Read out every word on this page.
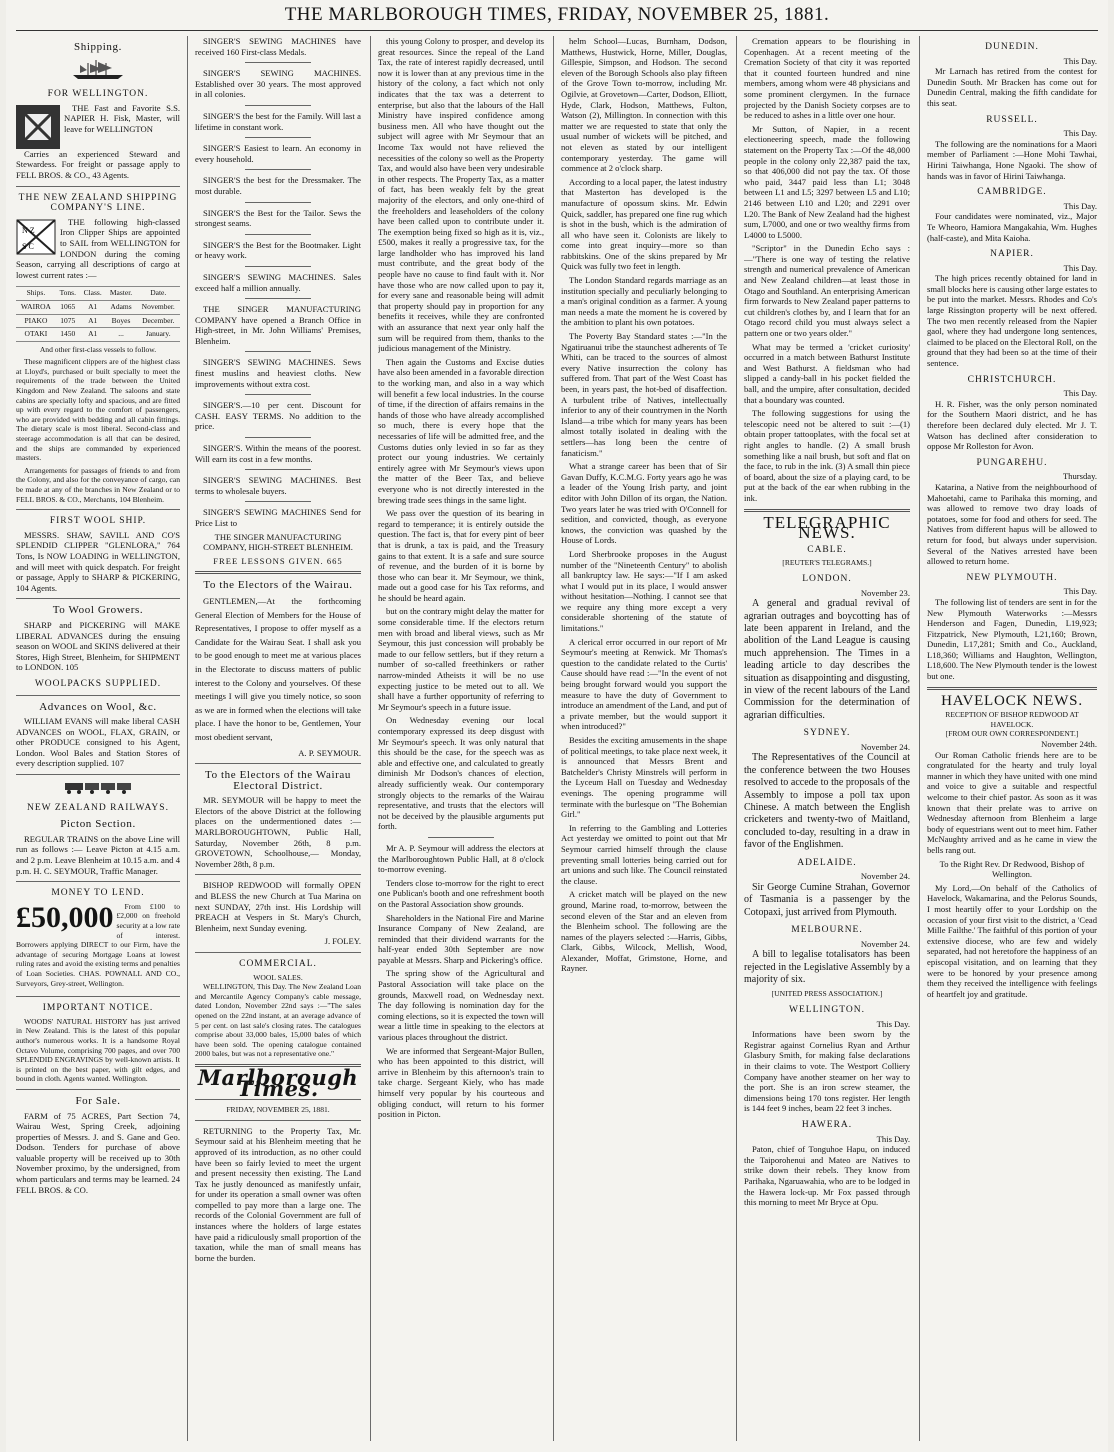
THE MARLBOROUGH TIMES, FRIDAY, NOVEMBER 25, 1881.
Shipping.
FOR WELLINGTON.

THE Fast and Favorite S.S. NAPIER H. Fisk, Master, will leave for WELLINGTON

Carries an experienced Steward and Stewardess. For freight or passage apply to FELL BROS. & CO., 43 Agents.

THE NEW ZEALAND SHIPPING COMPANY'S LINE.
N Z
S C

THE following high-classed Iron Clipper Ships are appointed to SAIL from WELLINGTON for LONDON during the coming Season, carrying all descriptions of cargo at lowest current rates :—

Ships.	Tons.	Class.	Master.	Date.
WAIROA	1065	A1	Adams	November.
PIAKO	1075	A1	Boyes	December.
OTAKI	1450	A1	...	January.

And other first-class vessels to follow.

These magnificent clippers are of the highest class at Lloyd's, purchased or built specially to meet the requirements of the trade between the United Kingdom and New Zealand. The saloons and state cabins are specially lofty and spacious, and are fitted up with every regard to the comfort of passengers, who are provided with bedding and all cabin fittings. The dietary scale is most liberal. Second-class and steerage accommodation is all that can be desired, and the ships are commanded by experienced masters.

Arrangements for passages of friends to and from the Colony, and also for the conveyance of cargo, can be made at any of the branches in New Zealand or to FELL BROS. & CO., Merchants, 104 Blenheim.

FIRST WOOL SHIP.

MESSRS. SHAW, SAVILL AND CO'S SPLENDID CLIPPER "GLENLORA," 764 Tons, Is NOW LOADING in WELLINGTON, and will meet with quick despatch. For freight or passage, Apply to SHARP & PICKERING, 104 Agents.

To Wool Growers.

SHARP and PICKERING will MAKE LIBERAL ADVANCES during the ensuing season on WOOL and SKINS delivered at their Stores, High Street, Blenheim, for SHIPMENT to LONDON. 105

WOOLPACKS SUPPLIED.
Advances on Wool, &c.

WILLIAM EVANS will make liberal CASH ADVANCES on WOOL, FLAX, GRAIN, or other PRODUCE consigned to his Agent, London. Wool Bales and Station Stores of every description supplied. 107

NEW ZEALAND RAILWAYS.
Picton Section.

REGULAR TRAINS on the above Line will run as follows :— Leave Picton at 4.15 a.m. and 2 p.m. Leave Blenheim at 10.15 a.m. and 4 p.m. H. C. SEYMOUR, Traffic Manager.

MONEY TO LEND.
£50,000	From £100 to £2,000 on freehold security at a low rate of interest. Borrowers applying DIRECT to our Firm, have the advantage of securing Mortgage Loans at lowest ruling rates and avoid the existing terms and penalties of Loan Societies. CHAS. POWNALL AND CO., Surveyors, Grey-street, Wellington.

IMPORTANT NOTICE.

WOODS' NATURAL HISTORY has just arrived in New Zealand. This is the latest of this popular author's numerous works. It is a handsome Royal Octavo Volume, comprising 700 pages, and over 700 SPLENDID ENGRAVINGS by well-known artists. It is printed on the best paper, with gilt edges, and bound in cloth. Agents wanted. Wellington.

For Sale.

FARM of 75 ACRES, Part Section 74, Wairau West, Spring Creek, adjoining properties of Messrs. J. and S. Gane and Geo. Dodson. Tenders for purchase of above valuable property will be received up to 30th November proximo, by the undersigned, from whom particulars and terms may be learned. 24 FELL BROS. & CO.

SINGER'S SEWING MACHINES have received 160 First-class Medals.

SINGER'S SEWING MACHINES. Established over 30 years. The most approved in all colonies.

SINGER'S the best for the Family. Will last a lifetime in constant work.

SINGER'S Easiest to learn. An economy in every household.

SINGER'S the best for the Dressmaker. The most durable.

SINGER'S the Best for the Tailor. Sews the strongest seams.

SINGER'S the Best for the Bootmaker. Light or heavy work.

SINGER'S SEWING MACHINES. Sales exceed half a million annually.

THE SINGER MANUFACTURING COMPANY have opened a Branch Office in High-street, in Mr. John Williams' Premises, Blenheim.

SINGER'S SEWING MACHINES. Sews finest muslins and heaviest cloths. New improvements without extra cost.

SINGER'S.—10 per cent. Discount for CASH. EASY TERMS. No addition to the price.

SINGER'S. Within the means of the poorest. Will earn its cost in a few months.

SINGER'S SEWING MACHINES. Best terms to wholesale buyers.

SINGER'S SEWING MACHINES Send for Price List to

THE SINGER MANUFACTURING COMPANY, HIGH-STREET BLENHEIM.

FREE LESSONS GIVEN. 665

To the Electors of the Wairau.

GENTLEMEN,—At the forthcoming General Election of Members for the House of Representatives, I propose to offer myself as a Candidate for the Wairau Seat. I shall ask you to be good enough to meet me at various places in the Electorate to discuss matters of public interest to the Colony and yourselves. Of these meetings I will give you timely notice, so soon as we are in formed when the elections will take place. I have the honor to be, Gentlemen, Your most obedient servant,

A. P. SEYMOUR.

To the Electors of the Wairau Electoral District.

MR. SEYMOUR will be happy to meet the Electors of the above District at the following places on the undermentioned dates :— MARLBOROUGHTOWN, Public Hall, Saturday, November 26th, 8 p.m. GROVETOWN, Schoolhouse,— Monday, November 28th, 8 p.m.

BISHOP REDWOOD will formally OPEN and BLESS the new Church at Tua Marina on next SUNDAY, 27th inst. His Lordship will PREACH at Vespers in St. Mary's Church, Blenheim, next Sunday evening.

J. FOLEY.

COMMERCIAL.
WOOL SALES.

WELLINGTON, This Day. The New Zealand Loan and Mercantile Agency Company's cable message, dated London, November 22nd says :—"The sales opened on the 22nd instant, at an average advance of 5 per cent. on last sale's closing rates. The catalogues comprise about 33,000 bales, 15,000 bales of which have been sold. The opening catalogue contained 2000 bales, but was not a representative one."

Marlborough Times.
FRIDAY, NOVEMBER 25, 1881.

RETURNING to the Property Tax, Mr. Seymour said at his Blenheim meeting that he approved of its introduction, as no other could have been so fairly levied to meet the urgent and present necessity then existing. The Land Tax he justly denounced as manifestly unfair, for under its operation a small owner was often compelled to pay more than a large one. The records of the Colonial Government are full of instances where the holders of large estates have paid a ridiculously small proportion of the taxation, while the man of small means has borne the burden.

this young Colony to prosper, and develop its great resources. Since the repeal of the Land Tax, the rate of interest rapidly decreased, until now it is lower than at any previous time in the history of the colony, a fact which not only indicates that the tax was a deterrent to enterprise, but also that the labours of the Hall Ministry have inspired confidence among business men. All who have thought out the subject will agree with Mr Seymour that an Income Tax would not have relieved the necessities of the colony so well as the Property Tax, and would also have been very undesirable in other respects. The Property Tax, as a matter of fact, has been weakly felt by the great majority of the electors, and only one-third of the freeholders and leaseholders of the colony have been called upon to contribute under it. The exemption being fixed so high as it is, viz., £500, makes it really a progressive tax, for the large landholder who has improved his land must contribute, and the great body of the people have no cause to find fault with it. Nor have those who are now called upon to pay it, for every sane and reasonable being will admit that property should pay in proportion for any benefits it receives, while they are confronted with an assurance that next year only half the sum will be required from them, thanks to the judicious management of the Ministry.

Then again the Customs and Excise duties have also been amended in a favorable direction to the working man, and also in a way which will benefit a few local industries. In the course of time, if the direction of affairs remains in the hands of those who have already accomplished so much, there is every hope that the necessaries of life will be admitted free, and the Customs duties only levied in so far as they protect our young industries. We certainly entirely agree with Mr Seymour's views upon the matter of the Beer Tax, and believe everyone who is not directly interested in the brewing trade sees things in the same light.

We pass over the question of its bearing in regard to temperance; it is entirely outside the question. The fact is, that for every pint of beer that is drunk, a tax is paid, and the Treasury gains to that extent. It is a safe and sure source of revenue, and the burden of it is borne by those who can bear it. Mr Seymour, we think, made out a good case for his Tax reforms, and he should be heard again.

but on the contrary might delay the matter for some considerable time. If the electors return men with broad and liberal views, such as Mr Seymour, this just concession will probably be made to our fellow settlers, but if they return a number of so-called freethinkers or rather narrow-minded Atheists it will be no use expecting justice to be meted out to all. We shall have a further opportunity of referring to Mr Seymour's speech in a future issue.

On Wednesday evening our local contemporary expressed its deep disgust with Mr Seymour's speech. It was only natural that this should be the case, for the speech was as able and effective one, and calculated to greatly diminish Mr Dodson's chances of election, already sufficiently weak. Our contemporary strongly objects to the remarks of the Wairau representative, and trusts that the electors will not be deceived by the plausible arguments put forth.

Mr A. P. Seymour will address the electors at the Marlboroughtown Public Hall, at 8 o'clock to-morrow evening.

Tenders close to-morrow for the right to erect one Publican's booth and one refreshment booth on the Pastoral Association show grounds.

Shareholders in the National Fire and Marine Insurance Company of New Zealand, are reminded that their dividend warrants for the half-year ended 30th September are now payable at Messrs. Sharp and Pickering's office.

The spring show of the Agricultural and Pastoral Association will take place on the grounds, Maxwell road, on Wednesday next. The day following is nomination day for the coming elections, so it is expected the town will wear a little time in speaking to the electors at various places throughout the district.

We are informed that Sergeant-Major Bullen, who has been appointed to this district, will arrive in Blenheim by this afternoon's train to take charge. Sergeant Kiely, who has made himself very popular by his courteous and obliging conduct, will return to his former position in Picton.

helm School—Lucas, Burnham, Dodson, Matthews, Hustwick, Horne, Miller, Douglas, Gillespie, Simpson, and Hodson. The second eleven of the Borough Schools also play fifteen of the Grove Town to-morrow, including Mr. Ogilvie, at Grovetown—Carter, Dodson, Elliott, Hyde, Clark, Hodson, Matthews, Fulton, Watson (2), Millington. In connection with this matter we are requested to state that only the usual number of wickets will be pitched, and not eleven as stated by our intelligent contemporary yesterday. The game will commence at 2 o'clock sharp.

According to a local paper, the latest industry that Masterton has developed is the manufacture of opossum skins. Mr. Edwin Quick, saddler, has prepared one fine rug which is shot in the bush, which is the admiration of all who have seen it. Colonists are likely to come into great inquiry—more so than rabbitskins. One of the skins prepared by Mr Quick was fully two feet in length.

The London Standard regards marriage as an institution specially and peculiarly belonging to a man's original condition as a farmer. A young man needs a mate the moment he is covered by the ambition to plant his own potatoes.

The Poverty Bay Standard states :—"In the Ngatiruanui tribe the staunchest adherents of Te Whiti, can be traced to the sources of almost every Native insurrection the colony has suffered from. That part of the West Coast has been, in years past, the hot-bed of disaffection. A turbulent tribe of Natives, intellectually inferior to any of their countrymen in the North Island—a tribe which for many years has been almost totally isolated in dealing with the settlers—has long been the centre of fanaticism."

What a strange career has been that of Sir Gavan Duffy, K.C.M.G. Forty years ago he was a leader of the Young Irish party, and joint editor with John Dillon of its organ, the Nation. Two years later he was tried with O'Connell for sedition, and convicted, though, as everyone knows, the conviction was quashed by the House of Lords.

Lord Sherbrooke proposes in the August number of the "Nineteenth Century" to abolish all bankruptcy law. He says:—"If I am asked what I would put in its place, I would answer without hesitation—Nothing. I cannot see that we require any thing more except a very considerable shortening of the statute of limitations."

A clerical error occurred in our report of Mr Seymour's meeting at Renwick. Mr Thomas's question to the candidate related to the Curtis' Cause should have read :—"In the event of not being brought forward would you support the measure to have the duty of Government to introduce an amendment of the Land, and put of a private member, but the would support it when introduced?"

Besides the exciting amusements in the shape of political meetings, to take place next week, it is announced that Messrs Brent and Batchelder's Christy Minstrels will perform in the Lyceum Hall on Tuesday and Wednesday evenings. The opening programme will terminate with the burlesque on "The Bohemian Girl."

In referring to the Gambling and Lotteries Act yesterday we omitted to point out that Mr Seymour carried himself through the clause preventing small lotteries being carried out for art unions and such like. The Council reinstated the clause.

A cricket match will be played on the new ground, Marine road, to-morrow, between the second eleven of the Star and an eleven from the Blenheim school. The following are the names of the players selected :—Harris, Gibbs, Clark, Gibbs, Wilcock, Mellish, Wood, Alexander, Moffat, Grimstone, Horne, and Rayner.

Cremation appears to be flourishing in Copenhagen. At a recent meeting of the Cremation Society of that city it was reported that it counted fourteen hundred and nine members, among whom were 48 physicians and some prominent clergymen. In the furnace projected by the Danish Society corpses are to be reduced to ashes in a little over one hour.

Mr Sutton, of Napier, in a recent electioneering speech, made the following statement on the Property Tax :—Of the 48,000 people in the colony only 22,387 paid the tax, so that 406,000 did not pay the tax. Of those who paid, 3447 paid less than L1; 3048 between L1 and L5; 3297 between L5 and L10; 2146 between L10 and L20; and 2291 over L20. The Bank of New Zealand had the highest sum, L7000, and one or two wealthy firms from L4000 to L5000.

"Scriptor" in the Dunedin Echo says :—"There is one way of testing the relative strength and numerical prevalence of American and New Zealand children—at least those in Otago and Southland. An enterprising American firm forwards to New Zealand paper patterns to cut children's clothes by, and I learn that for an Otago record child you must always select a pattern one or two years older."

What may be termed a 'cricket curiosity' occurred in a match between Bathurst Institute and West Bathurst. A fieldsman who had slipped a candy-ball in his pocket fielded the ball, and the umpire, after consultation, decided that a boundary was counted.

The following suggestions for using the telescopic need not be altered to suit :—(1) obtain proper tattooplates, with the focal set at right angles to handle. (2) A small brush something like a nail brush, but soft and flat on the face, to rub in the ink. (3) A small thin piece of board, about the size of a playing card, to be put at the back of the ear when rubbing in the ink.

TELEGRAPHIC NEWS.
CABLE.
[REUTER'S TELEGRAMS.]
LONDON.
November 23.

A general and gradual revival of agrarian outrages and boycotting has of late been apparent in Ireland, and the abolition of the Land League is causing much apprehension. The Times in a leading article to day describes the situation as disappointing and disgusting, in view of the recent labours of the Land Commission for the determination of agrarian difficulties.

SYDNEY.
November 24.

The Representatives of the Council at the conference between the two Houses resolved to accede to the proposals of the Assembly to impose a poll tax upon Chinese. A match between the English cricketers and twenty-two of Maitland, concluded to-day, resulting in a draw in favor of the Englishmen.

ADELAIDE.
November 24.

Sir George Cumine Strahan, Governor of Tasmania is a passenger by the Cotopaxi, just arrived from Plymouth.

MELBOURNE.
November 24.

A bill to legalise totalisators has been rejected in the Legislative Assembly by a majority of six.

[UNITED PRESS ASSOCIATION.]
WELLINGTON.
This Day.

Informations have been sworn by the Registrar against Cornelius Ryan and Arthur Glasbury Smith, for making false declarations in their claims to vote. The Westport Colliery Company have another steamer on her way to the port. She is an iron screw steamer, the dimensions being 170 tons register. Her length is 144 feet 9 inches, beam 22 feet 3 inches.

HAWERA.
This Day.

Paton, chief of Tonguhoe Hapu, on induced the Taiporohenui and Mateo are Natives to strike down their rebels. They know from Parihaka, Ngaruawahia, who are to be lodged in the Hawera lock-up. Mr Fox passed through this morning to meet Mr Bryce at Opu.

DUNEDIN.
This Day.

Mr Larnach has retired from the contest for Dunedin South. Mr Bracken has come out for Dunedin Central, making the fifth candidate for this seat.

RUSSELL.
This Day.

The following are the nominations for a Maori member of Parliament :—Hone Mohi Tawhai, Hirini Taiwhanga, Hone Ngaoki. The show of hands was in favor of Hirini Taiwhanga.

CAMBRIDGE.
This Day.

Four candidates were nominated, viz., Major Te Wheoro, Hamiora Mangakahia, Wm. Hughes (half-caste), and Mita Kaioha.

NAPIER.
This Day.

The high prices recently obtained for land in small blocks here is causing other large estates to be put into the market. Messrs. Rhodes and Co's large Rissington property will be next offered. The two men recently released from the Napier gaol, where they had undergone long sentences, claimed to be placed on the Electoral Roll, on the ground that they had been so at the time of their sentence.

CHRISTCHURCH.
This Day.

H. R. Fisher, was the only person nominated for the Southern Maori district, and he has therefore been declared duly elected. Mr J. T. Watson has declined after consideration to oppose Mr Rolleston for Avon.

PUNGAREHU.
Thursday.

Katarina, a Native from the neighbourhood of Mahoetahi, came to Parihaka this morning, and was allowed to remove two dray loads of potatoes, some for food and others for seed. The Natives from different hapus will be allowed to return for food, but always under supervision. Several of the Natives arrested have been allowed to return home.

NEW PLYMOUTH.
This Day.

The following list of tenders are sent in for the New Plymouth Waterworks :—Messrs Henderson and Fagen, Dunedin, L19,923; Fitzpatrick, New Plymouth, L21,160; Brown, Dunedin, L17,281; Smith and Co., Auckland, L18,360; Williams and Haughton, Wellington, L18,600. The New Plymouth tender is the lowest but one.

HAVELOCK NEWS.
RECEPTION OF BISHOP REDWOOD AT HAVELOCK.
[FROM OUR OWN CORRESPONDENT.]
November 24th.

Our Roman Catholic friends here are to be congratulated for the hearty and truly loyal manner in which they have united with one mind and voice to give a suitable and respectful welcome to their chief pastor. As soon as it was known that their prelate was to arrive on Wednesday afternoon from Blenheim a large body of equestrians went out to meet him. Father McNaughty arrived and as he came in view the bells rang out.

To the Right Rev. Dr Redwood, Bishop of Wellington.

My Lord,—On behalf of the Catholics of Havelock, Wakamarina, and the Pelorus Sounds, I most heartily offer to your Lordship on the occasion of your first visit to the district, a 'Cead Mille Failthe.' The faithful of this portion of your extensive diocese, who are few and widely separated, had not heretofore the happiness of an episcopal visitation, and on learning that they were to be honored by your presence among them they received the intelligence with feelings of heartfelt joy and gratitude.
